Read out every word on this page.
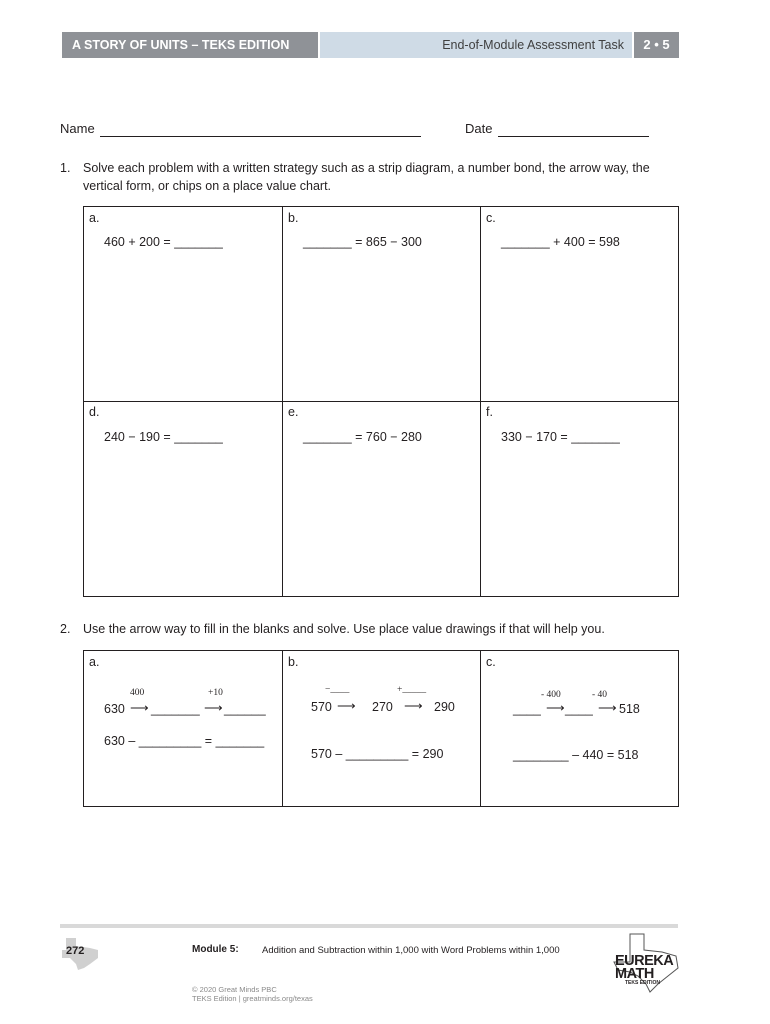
A STORY OF UNITS – TEKS EDITION	End-of-Module Assessment Task	2 • 5
Name	Date
1. Solve each problem with a written strategy such as a strip diagram, a number bond, the arrow way, the
vertical form, or chips on a place value chart.
a.
460 + 200 = _______
b.
_______ = 865 − 300
c.
_______ + 400 = 598
d.
240 − 190 = _______
e.
_______ = 760 − 280
f.
330 − 170 = _______
2. Use the arrow way to fill in the blanks and solve. Use place value drawings if that will help you.
a.
400	+10
630 ⟶ _______ ⟶ ______
630 – _________ = _______
b.
−____	+_____
570 ⟶ 270 ⟶ 290
570 – _________ = 290
c.
- 400	- 40
____ ⟶ ____ ⟶ 518
________ – 440 = 518
272	Module 5: Addition and Subtraction within 1,000 with Word Problems within 1,000
© 2020 Great Minds PBC
TEKS Edition | greatminds.org/texas
EUREKA
MATH
TEKS EDITION
